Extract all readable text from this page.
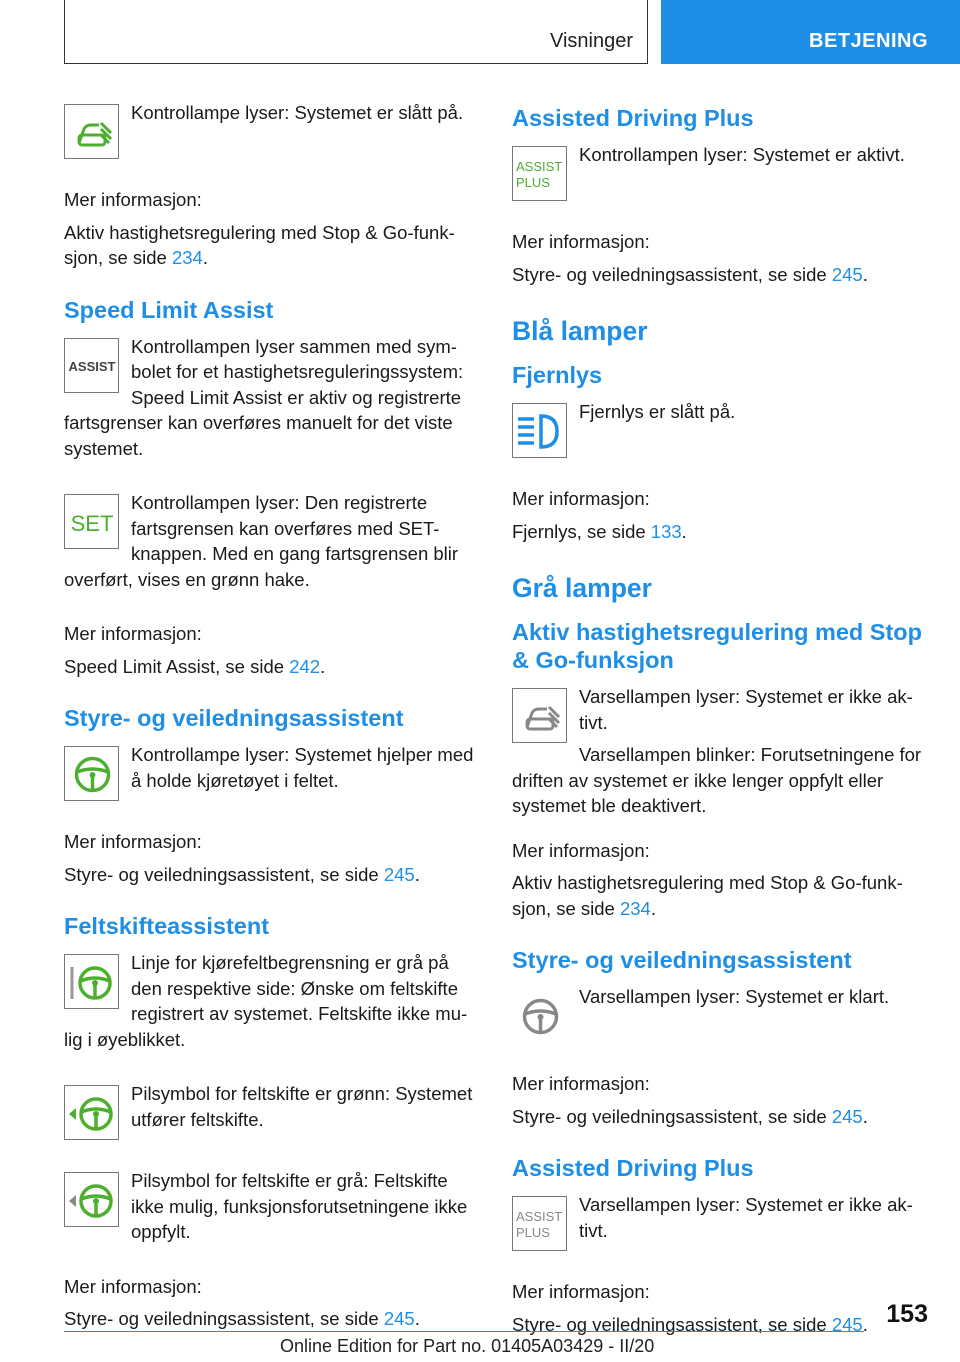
Visninger	BETJENING

Kontrollampe lyser: Systemet er slått på.

Mer informasjon:

Aktiv hastighetsregulering med Stop & Go-funksjon, se side 234.

Speed Limit Assist
ASSIST

Kontrollampen lyser sammen med symbolet for et hastighetsreguleringssystem: Speed Limit Assist er aktiv og registrerte fartsgrenser kan overføres manuelt for det viste systemet.

SET

Kontrollampen lyser: Den registrerte fartsgrensen kan overføres med SET-knappen. Med en gang fartsgrensen blir overført, vises en grønn hake.

Mer informasjon:

Speed Limit Assist, se side 242.

Styre- og veiledningsassistent

Kontrollampe lyser: Systemet hjelper med å holde kjøretøyet i feltet.

Mer informasjon:

Styre- og veiledningsassistent, se side 245.

Feltskifteassistent

Linje for kjørefeltbegrensning er grå på den respektive side: Ønske om feltskifte registrert av systemet. Feltskifte ikke mulig i øyeblikket.

Pilsymbol for feltskifte er grønn: Systemet utfører feltskifte.

Pilsymbol for feltskifte er grå: Feltskifte ikke mulig, funksjonsforutsetningene ikke oppfylt.

Mer informasjon:

Styre- og veiledningsassistent, se side 245.

Assisted Driving Plus
ASSIST
PLUS

Kontrollampen lyser: Systemet er aktivt.

Mer informasjon:

Styre- og veiledningsassistent, se side 245.

Blå lamper
Fjernlys

Fjernlys er slått på.

Mer informasjon:

Fjernlys, se side 133.

Grå lamper
Aktiv hastighetsregulering med Stop & Go-funksjon

Varsellampen lyser: Systemet er ikke aktivt.

Varsellampen blinker: Forutsetningene for driften av systemet er ikke lenger oppfylt eller systemet ble deaktivert.

Mer informasjon:

Aktiv hastighetsregulering med Stop & Go-funksjon, se side 234.

Styre- og veiledningsassistent

Varsellampen lyser: Systemet er klart.

Mer informasjon:

Styre- og veiledningsassistent, se side 245.

Assisted Driving Plus
ASSIST
PLUS

Varsellampen lyser: Systemet er ikke aktivt.

Mer informasjon:

Styre- og veiledningsassistent, se side 245. 153
Online Edition for Part no. 01405A03429 - II/20
